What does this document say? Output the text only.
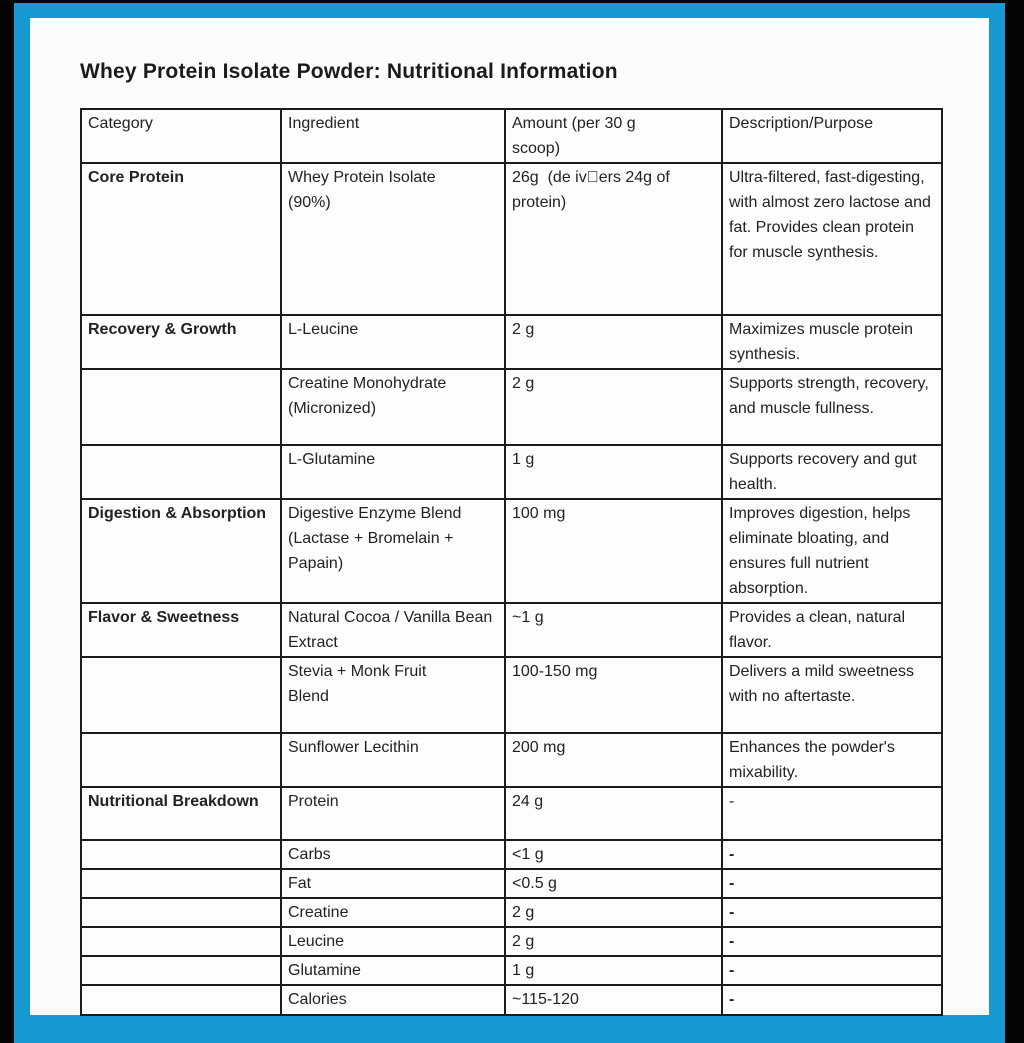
Whey Protein Isolate Powder: Nutritional Information
Category	Ingredient	Amount (per 30 g scoop)	Description/Purpose

Core Protein	Whey Protein Isolate (90%)	26g  (de iv⃒ers 24g of protein)	Ultra-filtered, fast-digesting, with almost zero lactose and fat. Provides clean protein for muscle synthesis.

Recovery & Growth	L-Leucine	2 g	Maximizes muscle protein synthesis.

	Creatine Monohydrate (Micronized)	2 g	Supports strength, recovery, and muscle fullness.

	L-Glutamine	1 g	Supports recovery and gut health.

Digestion & Absorption	Digestive Enzyme Blend (Lactase + Bromelain + Papain)	100 mg	Improves digestion, helps eliminate bloating, and ensures full nutrient absorption.

Flavor & Sweetness	Natural Cocoa / Vanilla Bean Extract	~1 g	Provides a clean, natural flavor.

	Stevia + Monk Fruit Blend	100-150 mg	Delivers a mild sweetness with no aftertaste.

	Sunflower Lecithin	200 mg	Enhances the powder's mixability.

Nutritional Breakdown	Protein	24 g	-

	Carbs	<1 g	-

	Fat	<0.5 g	-

	Creatine	2 g	-

	Leucine	2 g	-

	Glutamine	1 g	-

	Calories	~115-120	-
